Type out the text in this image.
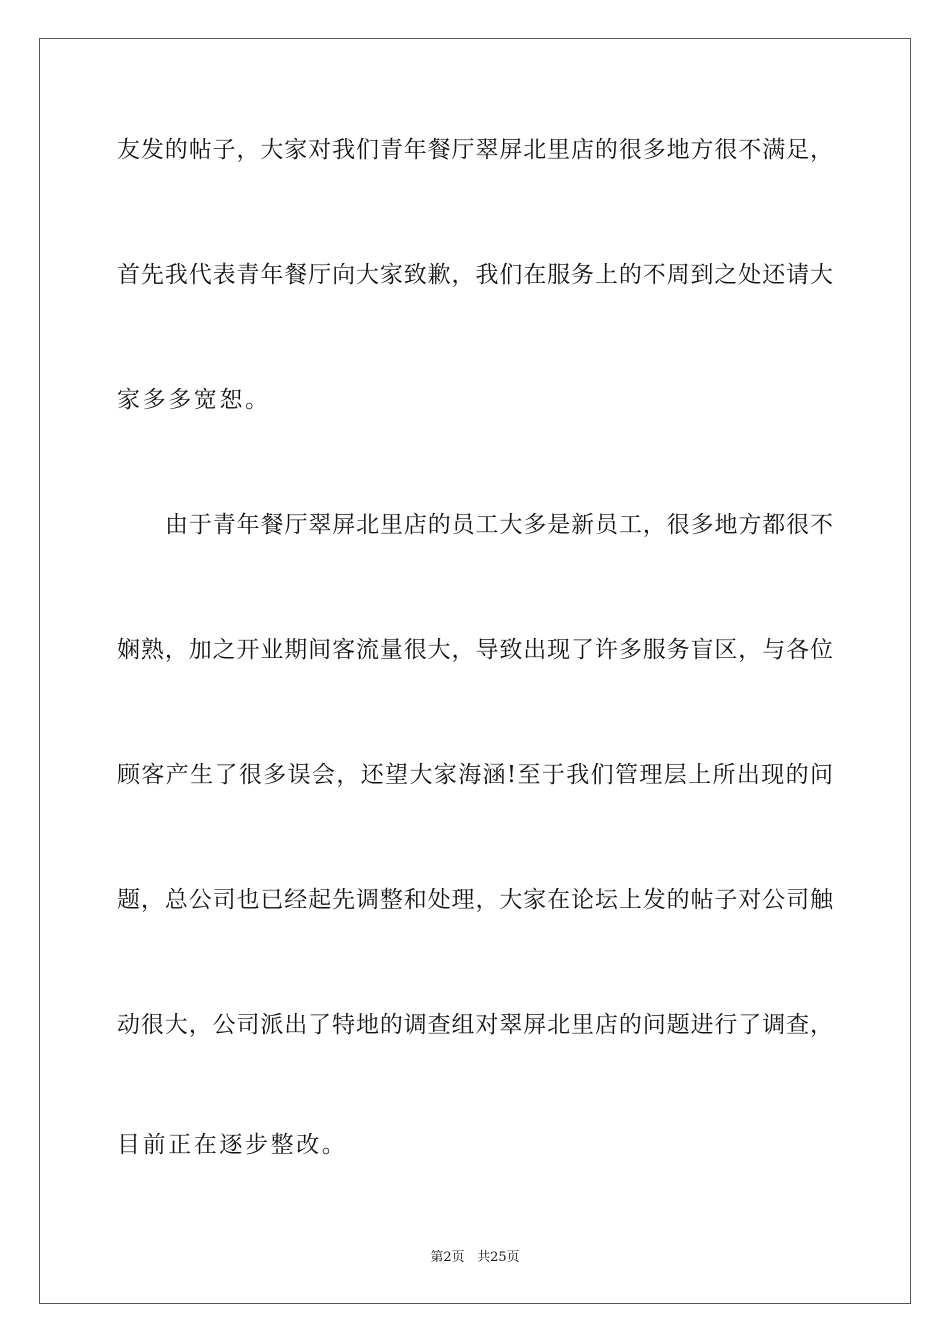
友发的帖子，大家对我们青年餐厅翠屏北里店的很多地方很不满足，
首先我代表青年餐厅向大家致歉，我们在服务上的不周到之处还请大
家多多宽恕。
由于青年餐厅翠屏北里店的员工大多是新员工，很多地方都很不
娴熟，加之开业期间客流量很大，导致出现了许多服务盲区，与各位
顾客产生了很多误会，还望大家海涵!至于我们管理层上所出现的问
题，总公司也已经起先调整和处理，大家在论坛上发的帖子对公司触
动很大，公司派出了特地的调查组对翠屏北里店的问题进行了调查，
目前正在逐步整改。
第2页 共25页
